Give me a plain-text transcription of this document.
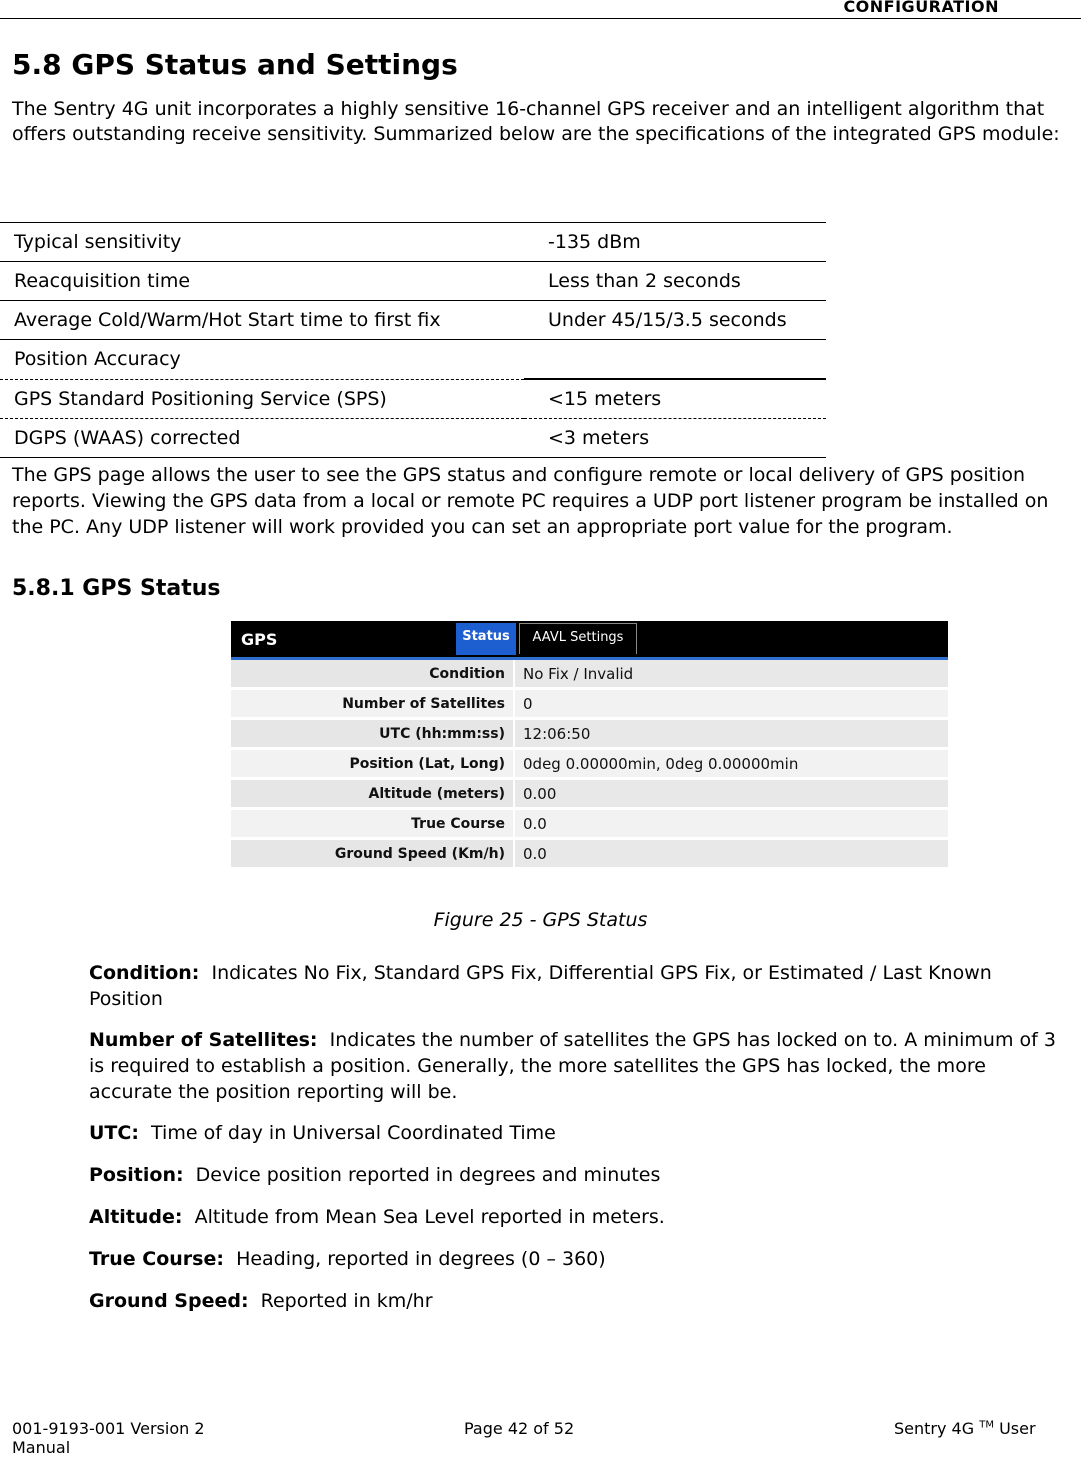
CONFIGURATION
5.8 GPS Status and Settings

The Sentry 4G unit incorporates a highly sensitive 16-channel GPS receiver and an intelligent algorithm that offers outstanding receive sensitivity. Summarized below are the specifications of the integrated GPS module:

Typical sensitivity	-135 dBm
Reacquisition time	Less than 2 seconds
Average Cold/Warm/Hot Start time to first fix	Under 45/15/3.5 seconds
Position Accuracy	
GPS Standard Positioning Service (SPS)	<15 meters
DGPS (WAAS) corrected	<3 meters

The GPS page allows the user to see the GPS status and configure remote or local delivery of GPS position reports. Viewing the GPS data from a local or remote PC requires a UDP port listener program be installed on the PC. Any UDP listener will work provided you can set an appropriate port value for the program.

5.8.1 GPS Status
GPS	Status	AAVL Settings
Condition	No Fix / Invalid
Number of Satellites	0
UTC (hh:mm:ss)	12:06:50
Position (Lat, Long)	0deg 0.00000min, 0deg 0.00000min
Altitude (meters)	0.00
True Course	0.0
Ground Speed (Km/h)	0.0
Figure 25 - GPS Status

Condition: Indicates No Fix, Standard GPS Fix, Differential GPS Fix, or Estimated / Last Known Position

Number of Satellites: Indicates the number of satellites the GPS has locked on to. A minimum of 3 is required to establish a position. Generally, the more satellites the GPS has locked, the more accurate the position reporting will be.

UTC: Time of day in Universal Coordinated Time

Position: Device position reported in degrees and minutes

Altitude: Altitude from Mean Sea Level reported in meters.

True Course: Heading, reported in degrees (0 – 360)

Ground Speed: Reported in km/hr

001-9193-001 Version 2
Manual
Page 42 of 52	Sentry 4G ™ User
